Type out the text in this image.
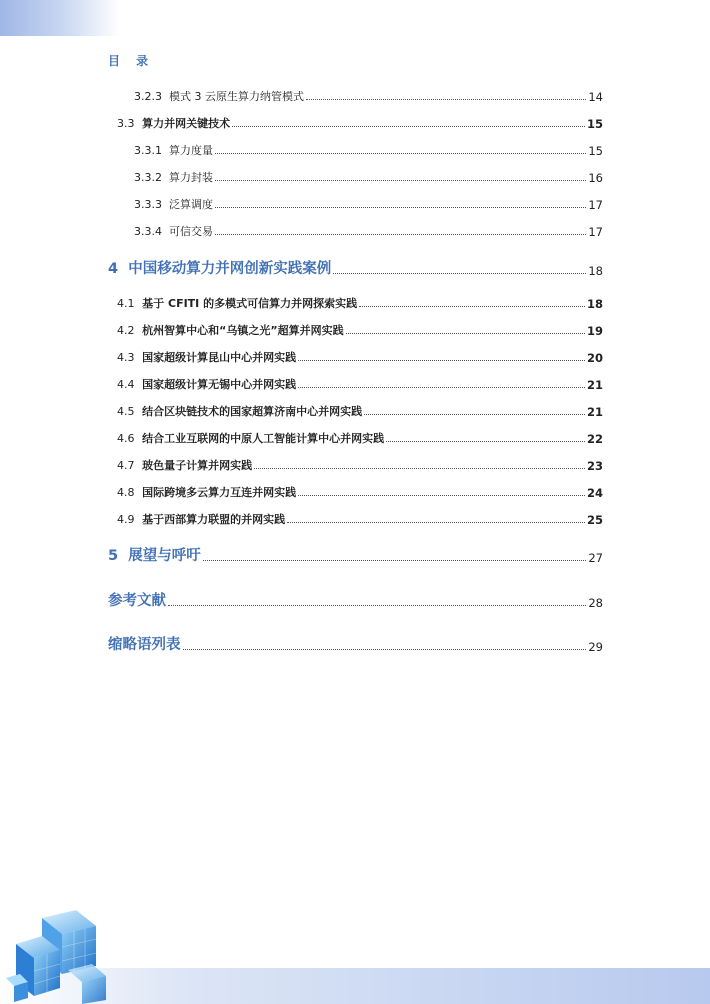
目 录
3.2.3 模式 3 云原生算力纳管模式	14
3.3 算力并网关键技术	15
3.3.1 算力度量	15
3.3.2 算力封装	16
3.3.3 泛算调度	17
3.3.4 可信交易	17
4 中国移动算力并网创新实践案例	18
4.1 基于 CFITI 的多模式可信算力并网探索实践	18
4.2 杭州智算中心和“乌镇之光”超算并网实践	19
4.3 国家超级计算昆山中心并网实践	20
4.4 国家超级计算无锡中心并网实践	21
4.5 结合区块链技术的国家超算济南中心并网实践	21
4.6 结合工业互联网的中原人工智能计算中心并网实践	22
4.7 玻色量子计算并网实践	23
4.8 国际跨境多云算力互连并网实践	24
4.9 基于西部算力联盟的并网实践	25
5 展望与呼吁	27
参考文献	28
缩略语列表	29
